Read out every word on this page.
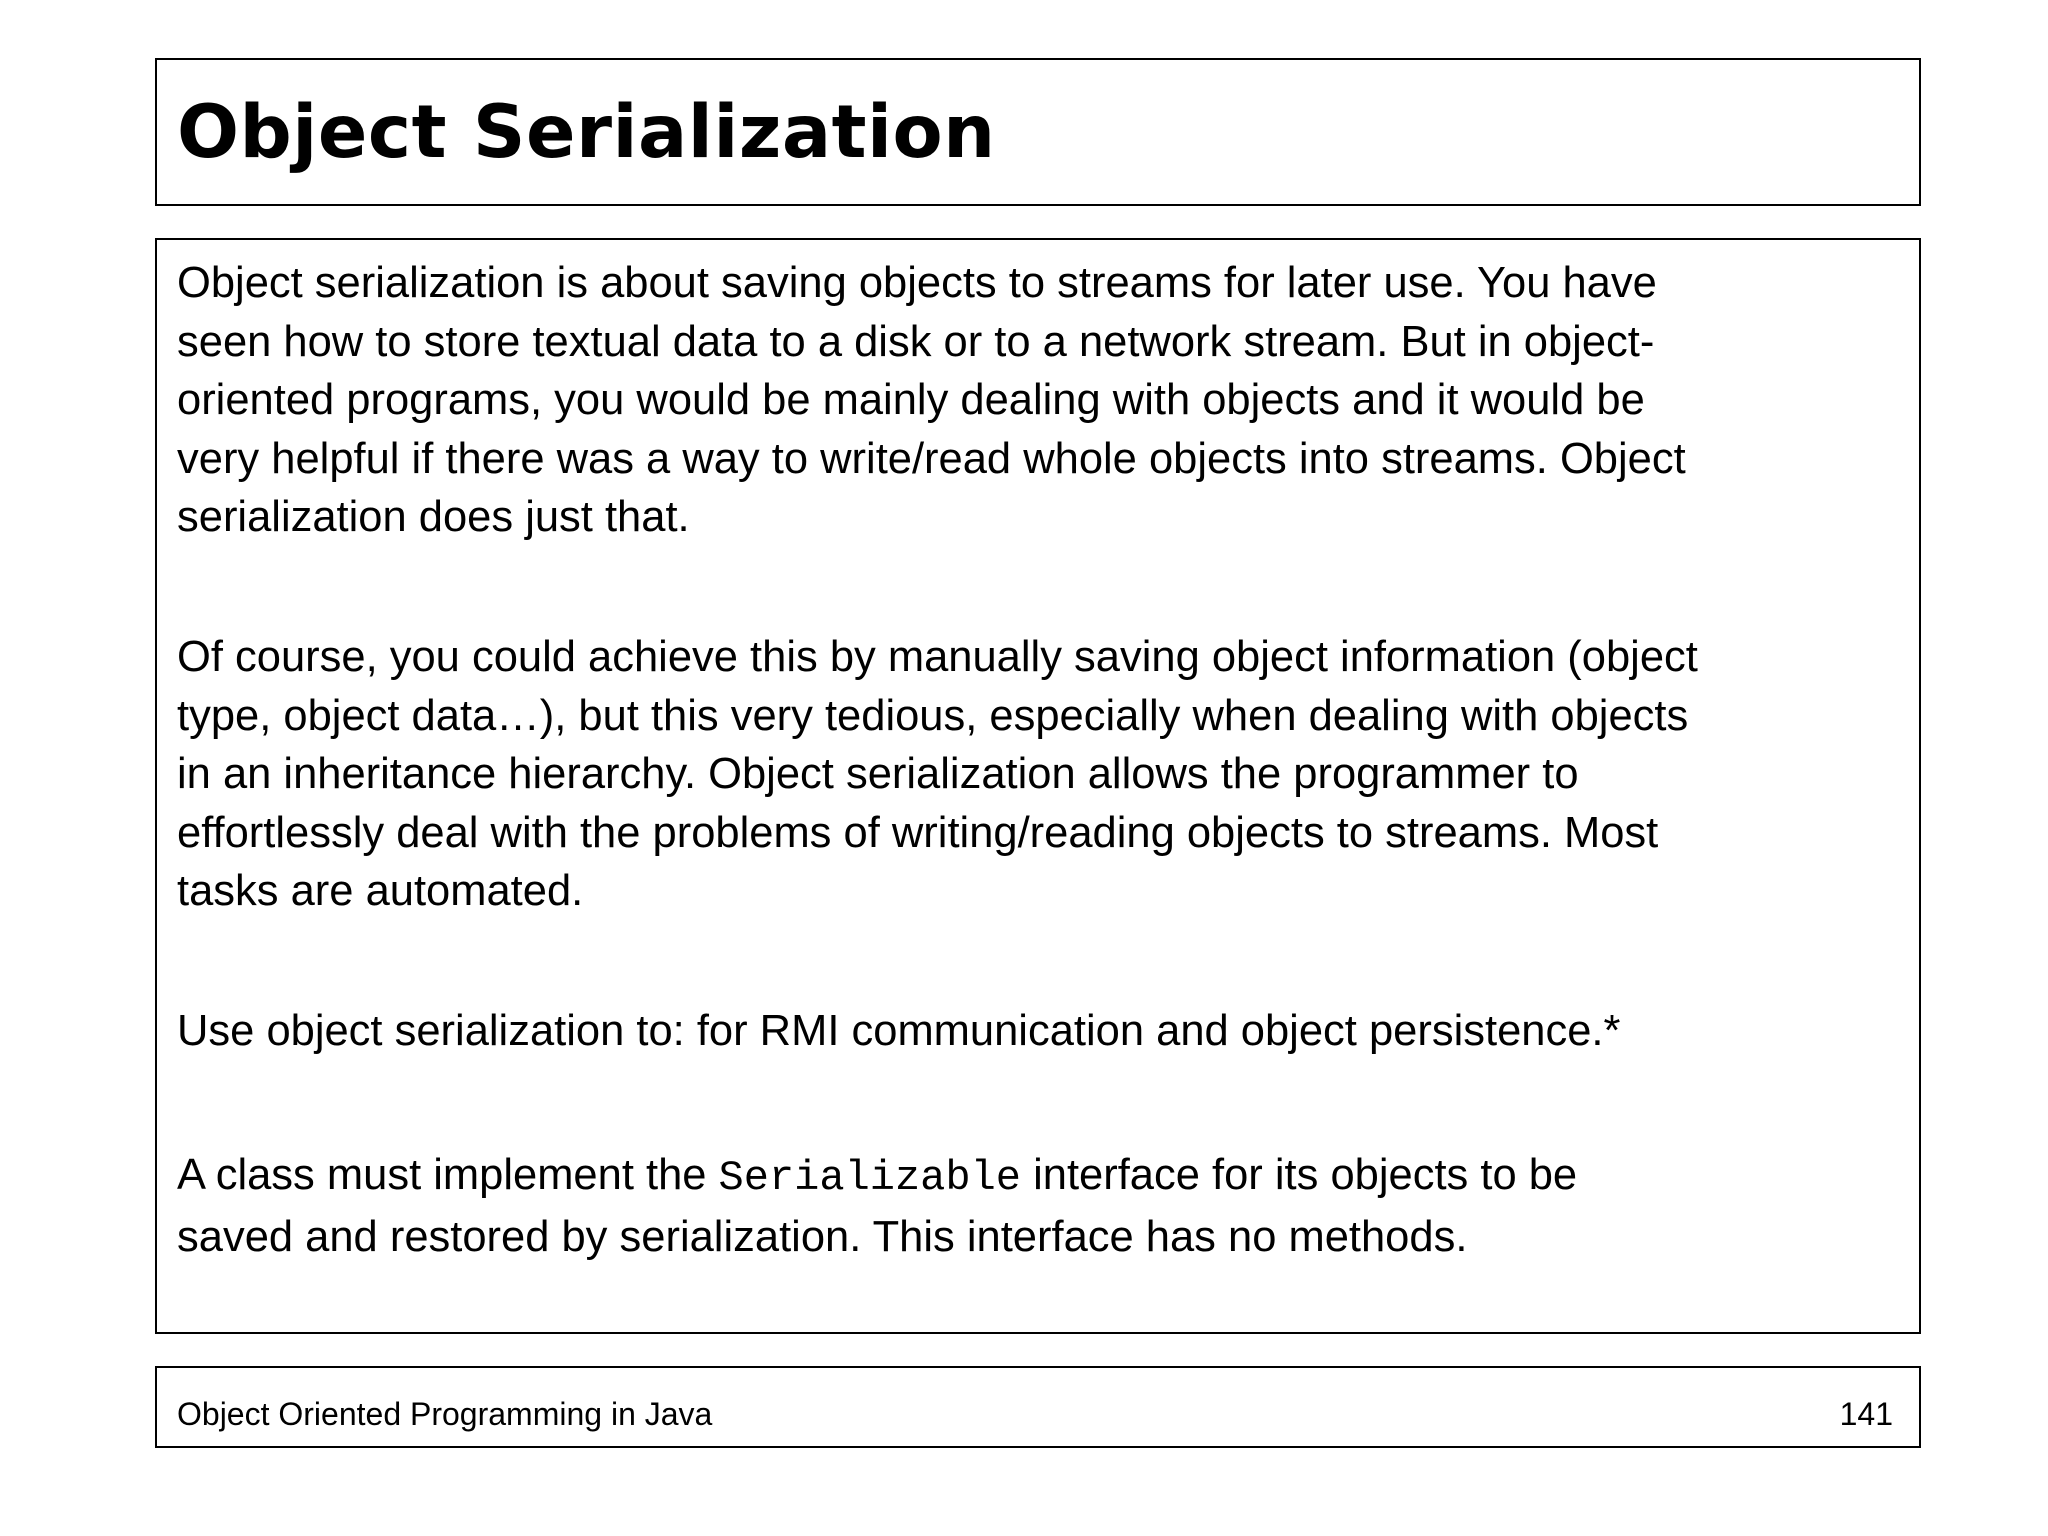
Object Serialization

Object serialization is about saving objects to streams for later use. You have
seen how to store textual data to a disk or to a network stream. But in object-
oriented programs, you would be mainly dealing with objects and it would be
very helpful if there was a way to write/read whole objects into streams. Object
serialization does just that.

Of course, you could achieve this by manually saving object information (object
type, object data…), but this very tedious, especially when dealing with objects
in an inheritance hierarchy. Object serialization allows the programmer to
effortlessly deal with the problems of writing/reading objects to streams. Most
tasks are automated.

Use object serialization to: for RMI communication and object persistence.*

A class must implement the Serializable interface for its objects to be
saved and restored by serialization. This interface has no methods.

Object Oriented Programming in Java	141
